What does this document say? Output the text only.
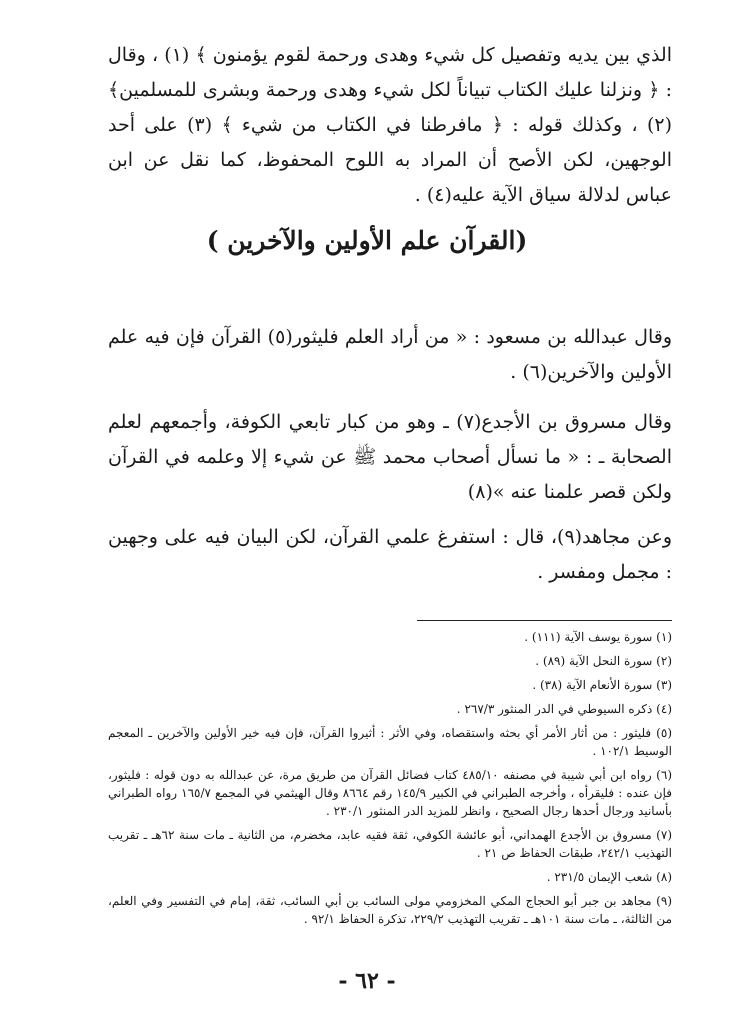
الذي بين يديه وتفصيل كل شيء وهدى ورحمة لقوم يؤمنون ﴾ (١) ، وقال : ﴿ ونزلنا عليك الكتاب تبياناً لكل شيء وهدى ورحمة وبشرى للمسلمين﴾(٢) ، وكذلك قوله : ﴿ مافرطنا في الكتاب من شيء ﴾ (٣) على أحد الوجهين، لكن الأصح أن المراد به اللوح المحفوظ، كما نقل عن ابن عباس لدلالة سياق الآية عليه(٤) .

(القرآن علم الأولين والآخرين )

وقال عبدالله بن مسعود : « من أراد العلم فليثور(٥) القرآن فإن فيه علم الأولين والآخرين(٦) .

وقال مسروق بن الأجدع(٧) ـ وهو من كبار تابعي الكوفة، وأجمعهم لعلم الصحابة ـ : « ما نسأل أصحاب محمد ﷺ عن شيء إلا وعلمه في القرآن ولكن قصر علمنا عنه »(٨)

وعن مجاهد(٩)، قال : استفرغ علمي القرآن، لكن البيان فيه على وجهين : مجمل ومفسر .

(١) سورة يوسف الآية (١١١) .

(٢) سورة النحل الآية (٨٩) .

(٣) سورة الأنعام الآية (٣٨) .

(٤) ذكره السيوطي في الدر المنثور ٢٦٧/٣ .

(٥) فليثور : من أثار الأمر أي بحثه واستقصاه، وفي الأثر : أثيروا القرآن، فإن فيه خير الأولين والآخرين ـ المعجم الوسيط ١٠٢/١ .

(٦) رواه ابن أبي شيبة في مصنفه ٤٨٥/١٠ كتاب فضائل القرآن من طريق مرة، عن عبدالله به دون قوله : فليثور، فإن عنده : فليقرأه ، وأخرجه الطبراني في الكبير ١٤٥/٩ رقم ٨٦٦٤ وقال الهيثمي في المجمع ١٦٥/٧ رواه الطبراني بأسانيد ورجال أحدها رجال الصحيح ، وانظر للمزيد الدر المنثور ٢٣٠/١ .

(٧) مسروق بن الأجدع الهمداني، أبو عائشة الكوفي، ثقة فقيه عابد، مخضرم، من الثانية ـ مات سنة ٦٢هـ ـ تقريب التهذيب ٢٤٢/١، طبقات الحفاظ ص ٢١ .

(٨) شعب الإيمان ٢٣١/٥ .

(٩) مجاهد بن جبر أبو الحجاج المكي المخزومي مولى السائب بن أبي السائب، ثقة، إمام في التفسير وفي العلم، من الثالثة، ـ مات سنة ١٠١هـ ـ تقريب التهذيب ٢٢٩/٢، تذكرة الحفاظ ٩٢/١ .

- ٦٢ -
